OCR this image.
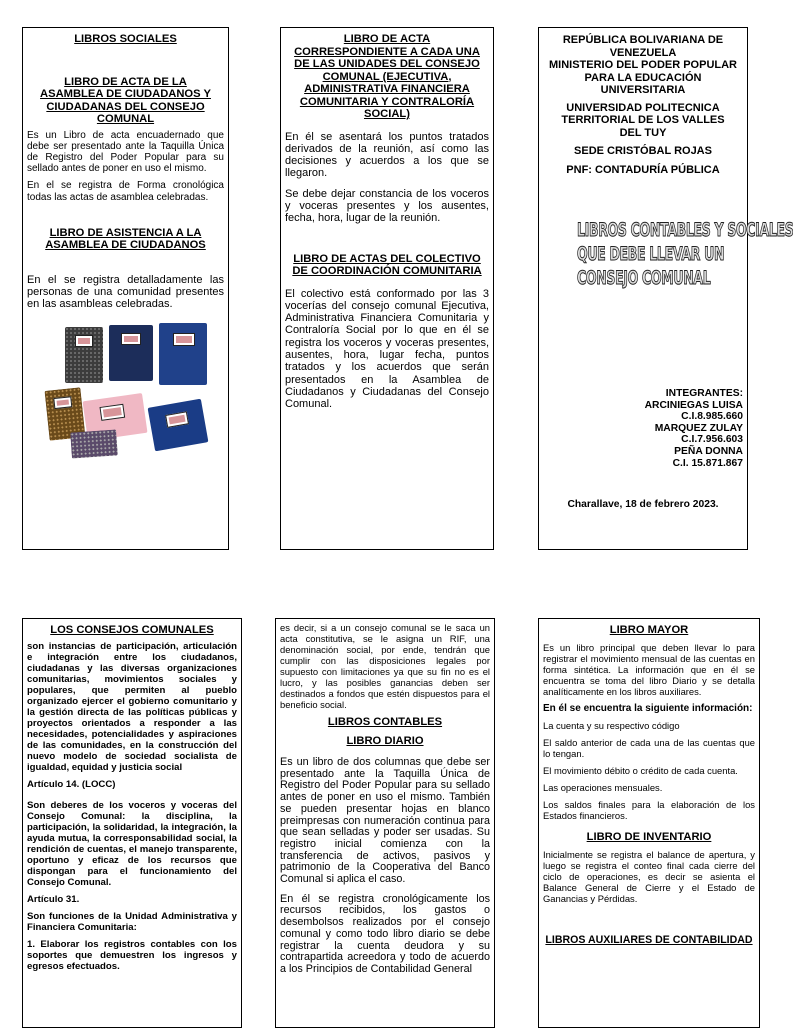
LIBROS SOCIALES
LIBRO DE ACTA DE LA ASAMBLEA DE CIUDADANOS Y CIUDADANAS DEL CONSEJO COMUNAL

Es un Libro de acta encuadernado que debe ser presentado ante la Taquilla Única de Registro del Poder Popular para su sellado antes de poner en uso el mismo.

En el se registra de Forma cronológica todas las actas de asamblea celebradas.

LIBRO DE ASISTENCIA A LA ASAMBLEA DE CIUDADANOS

En el se registra detalladamente las personas de una comunidad presentes en las asambleas celebradas.

LIBRO DE ACTA CORRESPONDIENTE A CADA UNA DE LAS UNIDADES DEL CONSEJO COMUNAL (EJECUTIVA, ADMINISTRATIVA FINANCIERA COMUNITARIA Y CONTRALORÍA SOCIAL)

En él se asentará los puntos tratados derivados de la reunión, así como las decisiones y acuerdos a los que se llegaron.

Se debe dejar constancia de los voceros y voceras presentes y los ausentes, fecha, hora, lugar de la reunión.

LIBRO DE ACTAS DEL COLECTIVO DE COORDINACIÓN COMUNITARIA

El colectivo está conformado por las 3 vocerías del consejo comunal Ejecutiva, Administrativa Financiera Comunitaria y Contraloría Social por lo que en él se registra los voceros y voceras presentes, ausentes, hora, lugar fecha, puntos tratados y los acuerdos que serán presentados en la Asamblea de Ciudadanos y Ciudadanas del Consejo Comunal.

REPÚBLICA BOLIVARIANA DE VENEZUELA
MINISTERIO DEL PODER POPULAR PARA LA EDUCACIÓN UNIVERSITARIA
UNIVERSIDAD POLITECNICA TERRITORIAL DE LOS VALLES DEL TUY
SEDE CRISTÓBAL ROJAS
PNF: CONTADURÍA PÚBLICA
LIBROS CONTABLES Y SOCIALES
QUE DEBE LLEVAR UN
CONSEJO COMUNAL
INTEGRANTES:
ARCINIEGAS LUISA
C.I.8.985.660
MARQUEZ ZULAY
C.I.7.956.603
PEÑA DONNA
C.I. 15.871.867
Charallave, 18 de febrero 2023.
LOS CONSEJOS COMUNALES

son instancias de participación, articulación e integración entre los ciudadanos, ciudadanas y las diversas organizaciones comunitarias, movimientos sociales y populares, que permiten al pueblo organizado ejercer el gobierno comunitario y la gestión directa de las políticas públicas y proyectos orientados a responder a las necesidades, potencialidades y aspiraciones de las comunidades, en la construcción del nuevo modelo de sociedad socialista de igualdad, equidad y justicia social

Artículo 14. (LOCC)

Son deberes de los voceros y voceras del Consejo Comunal: la disciplina, la participación, la solidaridad, la integración, la ayuda mutua, la corresponsabilidad social, la rendición de cuentas, el manejo transparente, oportuno y eficaz de los recursos que dispongan para el funcionamiento del Consejo Comunal.

Artículo 31.

Son funciones de la Unidad Administrativa y Financiera Comunitaria:

1. Elaborar los registros contables con los soportes que demuestren los ingresos y egresos efectuados.

es decir, si a un consejo comunal se le saca un acta constitutiva, se le asigna un RIF, una denominación social, por ende, tendrán que cumplir con las disposiciones legales por supuesto con limitaciones ya que su fin no es el lucro, y las posibles ganancias deben ser destinados a fondos que estén dispuestos para el beneficio social.

LIBROS CONTABLES
LIBRO DIARIO

Es un libro de dos columnas que debe ser presentado ante la Taquilla Única de Registro del Poder Popular para su sellado antes de poner en uso el mismo. También se pueden presentar hojas en blanco preimpresas con numeración continua para que sean selladas y poder ser usadas. Su registro inicial comienza con la transferencia de activos, pasivos y patrimonio de la Cooperativa del Banco Comunal si aplica el caso.

En él se registra cronológicamente los recursos recibidos, los gastos o desembolsos realizados por el consejo comunal y como todo libro diario se debe registrar la cuenta deudora y su contrapartida acreedora y todo de acuerdo a los Principios de Contabilidad General

LIBRO MAYOR

Es un libro principal que deben llevar lo para registrar el movimiento mensual de las cuentas en forma sintética. La información que en él se encuentra se toma del libro Diario y se detalla analíticamente en los libros auxiliares.

En él se encuentra la siguiente información:

La cuenta y su respectivo código

El saldo anterior de cada una de las cuentas que lo tengan.

El movimiento débito o crédito de cada cuenta.

Las operaciones mensuales.

Los saldos finales para la elaboración de los Estados financieros.

LIBRO DE INVENTARIO

Inicialmente se registra el balance de apertura, y luego se registra el conteo final cada cierre del ciclo de operaciones, es decir se asienta el Balance General de Cierre y el Estado de Ganancias y Pérdidas.

LIBROS AUXILIARES DE CONTABILIDAD
